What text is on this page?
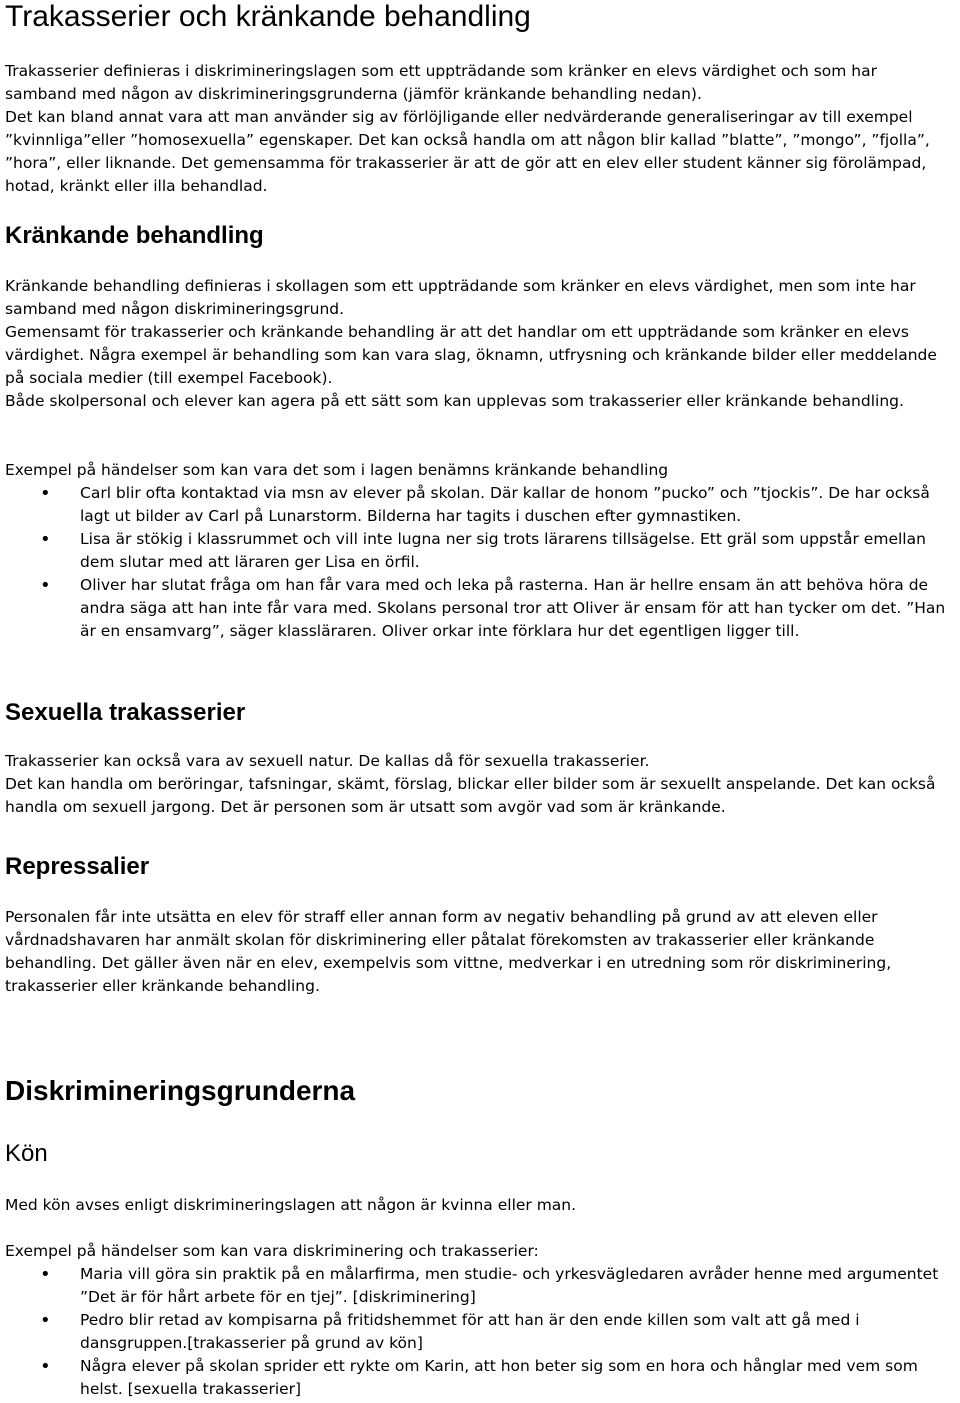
Trakasserier och kränkande behandling

Trakasserier definieras i diskrimineringslagen som ett uppträdande som kränker en elevs värdighet och som har samband med någon av diskrimineringsgrunderna (jämför kränkande behandling nedan).

Det kan bland annat vara att man använder sig av förlöjligande eller nedvärderande generaliseringar av till exempel ”kvinnliga”eller ”homosexuella” egenskaper. Det kan också handla om att någon blir kallad ”blatte”, ”mongo”, ”fjolla”, ”hora”, eller liknande. Det gemensamma för trakasserier är att de gör att en elev eller student känner sig förolämpad, hotad, kränkt eller illa behandlad.

Kränkande behandling

Kränkande behandling definieras i skollagen som ett uppträdande som kränker en elevs värdighet, men som inte har samband med någon diskrimineringsgrund.

Gemensamt för trakasserier och kränkande behandling är att det handlar om ett uppträdande som kränker en elevs värdighet. Några exempel är behandling som kan vara slag, öknamn, utfrysning och kränkande bilder eller meddelande på sociala medier (till exempel Facebook).

Både skolpersonal och elever kan agera på ett sätt som kan upplevas som trakasserier eller kränkande behandling.

Exempel på händelser som kan vara det som i lagen benämns kränkande behandling

• Carl blir ofta kontaktad via msn av elever på skolan. Där kallar de honom ”pucko” och ”tjockis”. De har också lagt ut bilder av Carl på Lunarstorm. Bilderna har tagits i duschen efter gymnastiken.
• Lisa är stökig i klassrummet och vill inte lugna ner sig trots lärarens tillsägelse. Ett gräl som uppstår emellan dem slutar med att läraren ger Lisa en örfil.
• Oliver har slutat fråga om han får vara med och leka på rasterna. Han är hellre ensam än att behöva höra de andra säga att han inte får vara med. Skolans personal tror att Oliver är ensam för att han tycker om det. ”Han är en ensamvarg”, säger klassläraren. Oliver orkar inte förklara hur det egentligen ligger till.
Sexuella trakasserier

Trakasserier kan också vara av sexuell natur. De kallas då för sexuella trakasserier.

Det kan handla om beröringar, tafsningar, skämt, förslag, blickar eller bilder som är sexuellt anspelande. Det kan också handla om sexuell jargong. Det är personen som är utsatt som avgör vad som är kränkande.

Repressalier

Personalen får inte utsätta en elev för straff eller annan form av negativ behandling på grund av att eleven eller vårdnadshavaren har anmält skolan för diskriminering eller påtalat förekomsten av trakasserier eller kränkande behandling. Det gäller även när en elev, exempelvis som vittne, medverkar i en utredning som rör diskriminering, trakasserier eller kränkande behandling.

Diskrimineringsgrunderna
Kön

Med kön avses enligt diskrimineringslagen att någon är kvinna eller man.

Exempel på händelser som kan vara diskriminering och trakasserier:

• Maria vill göra sin praktik på en målarfirma, men studie- och yrkesvägledaren avråder henne med argumentet ”Det är för hårt arbete för en tjej”. [diskriminering]
• Pedro blir retad av kompisarna på fritidshemmet för att han är den ende killen som valt att gå med i dansgruppen.[trakasserier på grund av kön]
• Några elever på skolan sprider ett rykte om Karin, att hon beter sig som en hora och hånglar med vem som helst. [sexuella trakasserier]
